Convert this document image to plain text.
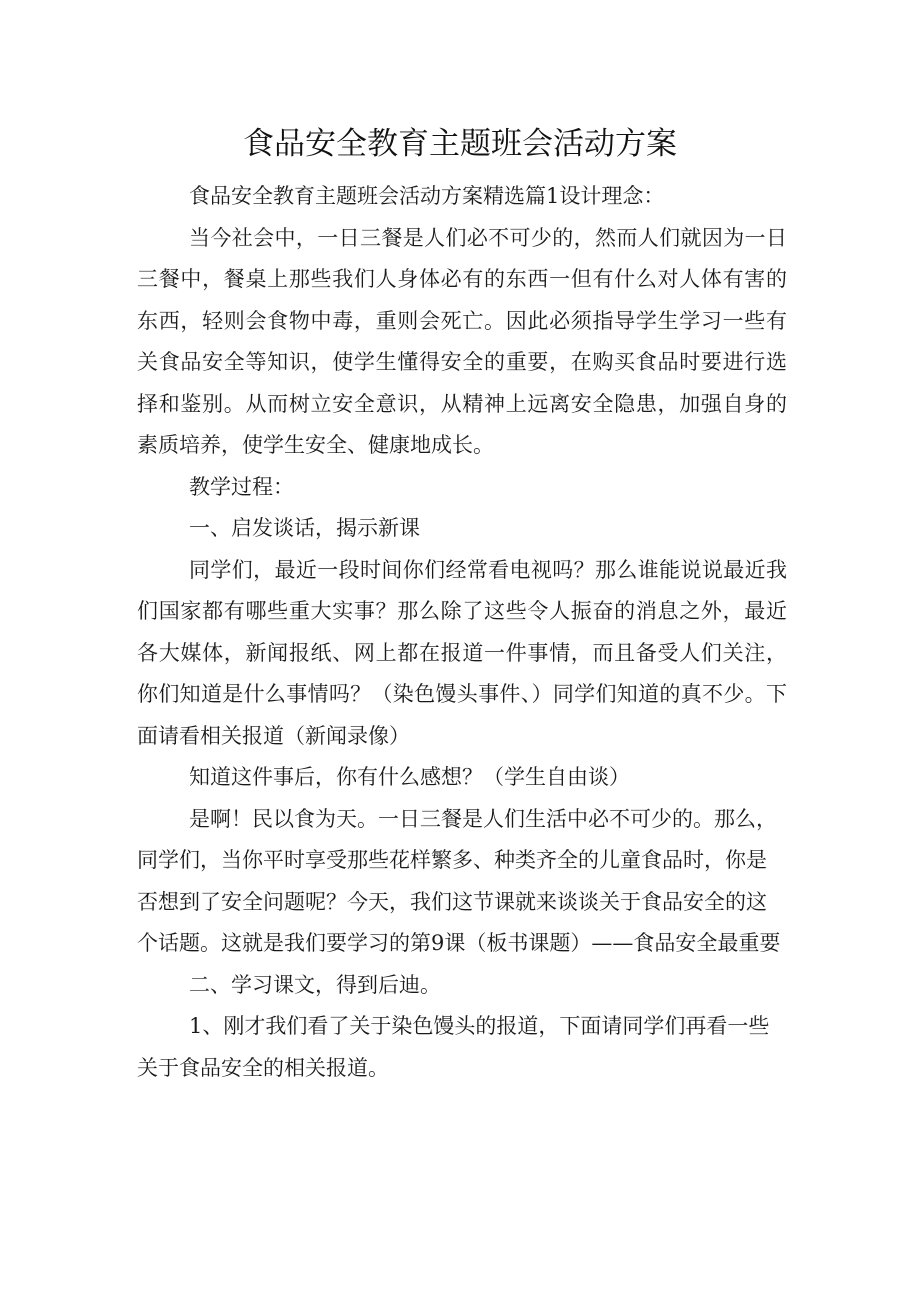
食品安全教育主题班会活动方案

食品安全教育主题班会活动方案精选篇1设计理念：

当今社会中，一日三餐是人们必不可少的，然而人们就因为一日三餐中，餐桌上那些我们人身体必有的东西一但有什么对人体有害的东西，轻则会食物中毒，重则会死亡。因此必须指导学生学习一些有关食品安全等知识，使学生懂得安全的重要，在购买食品时要进行选择和鉴别。从而树立安全意识，从精神上远离安全隐患，加强自身的素质培养，使学生安全、健康地成长。

教学过程：

一、启发谈话，揭示新课

同学们，最近一段时间你们经常看电视吗？那么谁能说说最近我们国家都有哪些重大实事？那么除了这些令人振奋的消息之外，最近各大媒体，新闻报纸、网上都在报道一件事情，而且备受人们关注，你们知道是什么事情吗？（染色馒头事件、）同学们知道的真不少。下面请看相关报道（新闻录像）

知道这件事后，你有什么感想？（学生自由谈）

是啊！民以食为天。一日三餐是人们生活中必不可少的。那么，同学们，当你平时享受那些花样繁多、种类齐全的儿童食品时，你是否想到了安全问题呢？今天，我们这节课就来谈谈关于食品安全的这个话题。这就是我们要学习的第9课（板书课题）——食品安全最重要

二、学习课文，得到后迪。

1、刚才我们看了关于染色馒头的报道，下面请同学们再看一些关于食品安全的相关报道。
